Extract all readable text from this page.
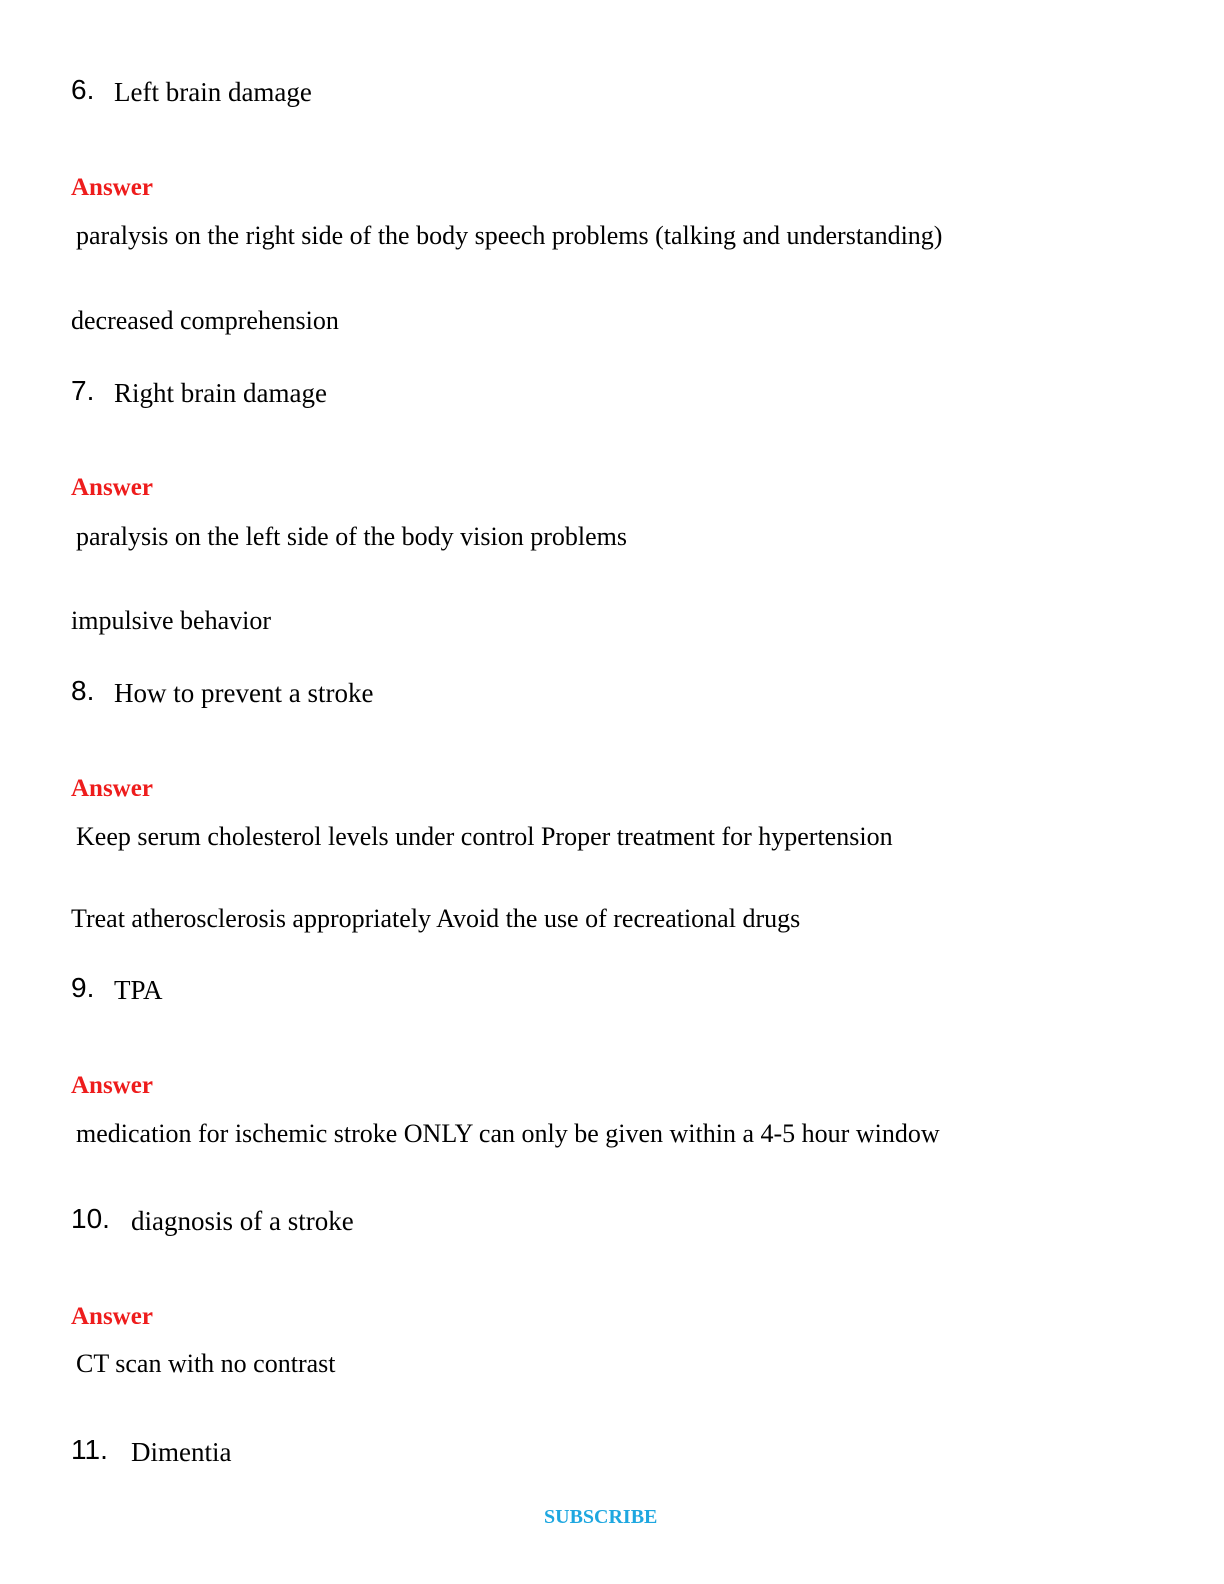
6. Left brain damage
Answer
paralysis on the right side of the body speech problems (talking and understanding)
decreased comprehension
7. Right brain damage
Answer
paralysis on the left side of the body vision problems
impulsive behavior
8. How to prevent a stroke
Answer
Keep serum cholesterol levels under control Proper treatment for hypertension
Treat atherosclerosis appropriately Avoid the use of recreational drugs
9. TPA
Answer
medication for ischemic stroke ONLY can only be given within a 4-5 hour window
10. diagnosis of a stroke
Answer
CT scan with no contrast
11. Dimentia
SUBSCRIBE
